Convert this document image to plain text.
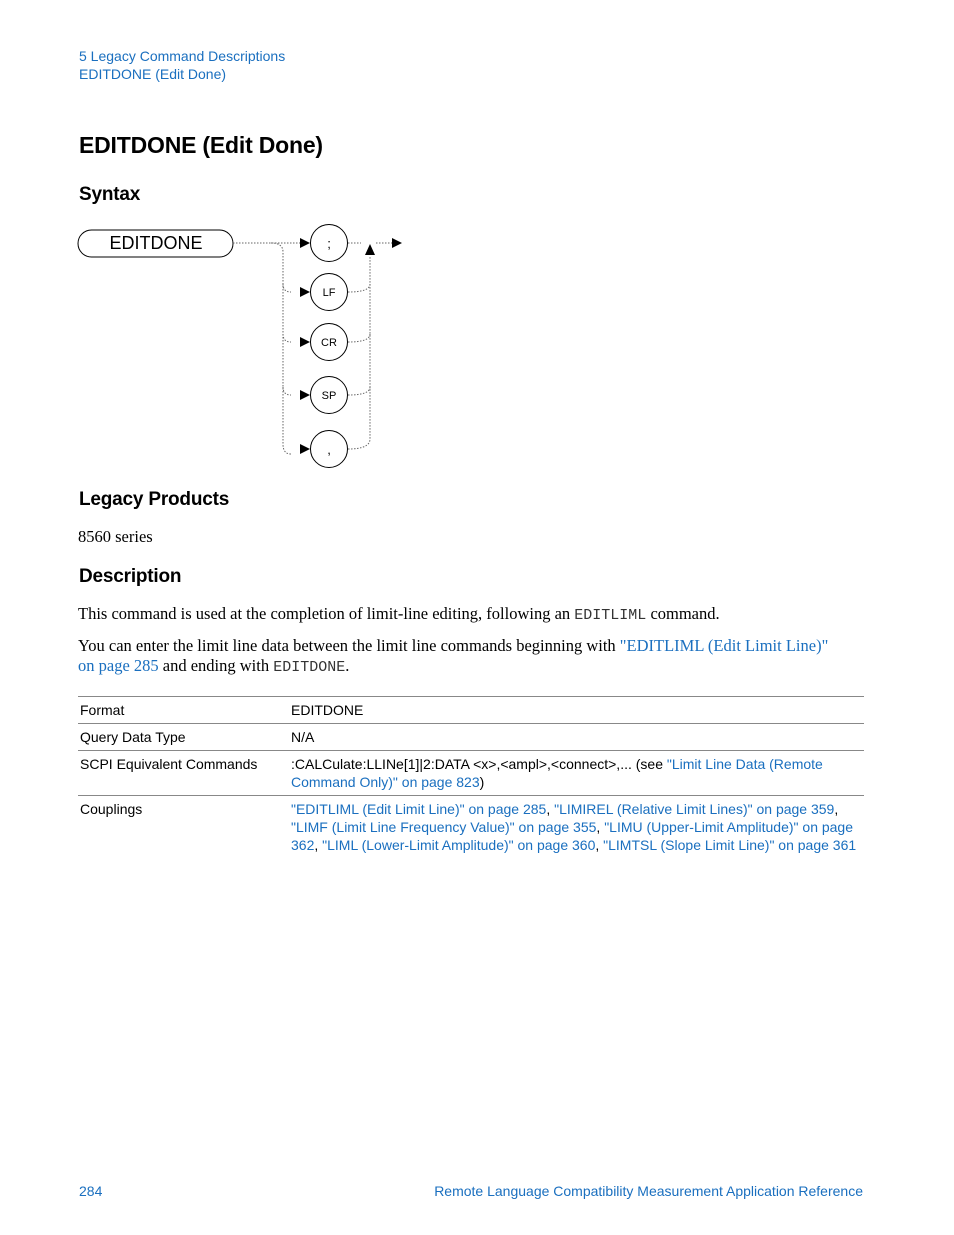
5 Legacy Command Descriptions
EDITDONE (Edit Done)
EDITDONE (Edit Done)
Syntax
EDITDONE	;
LF
CR
SP
,
Legacy Products
8560 series
Description
This command is used at the completion of limit-line editing, following an EDITLIML command.
You can enter the limit line data between the limit line commands beginning with "EDITLIML (Edit Limit Line)" on page 285 and ending with EDITDONE.
Format	EDITDONE
Query Data Type	N/A
SCPI Equivalent Commands	:CALCulate:LLINe[1]|2:DATA <x>,<ampl>,<connect>,... (see "Limit Line Data (Remote Command Only)" on page 823)
Couplings	"EDITLIML (Edit Limit Line)" on page 285, "LIMIREL (Relative Limit Lines)" on page 359, "LIMF (Limit Line Frequency Value)" on page 355, "LIMU (Upper-Limit Amplitude)" on page 362, "LIML (Lower-Limit Amplitude)" on page 360, "LIMTSL (Slope Limit Line)" on page 361
284	Remote Language Compatibility Measurement Application Reference
